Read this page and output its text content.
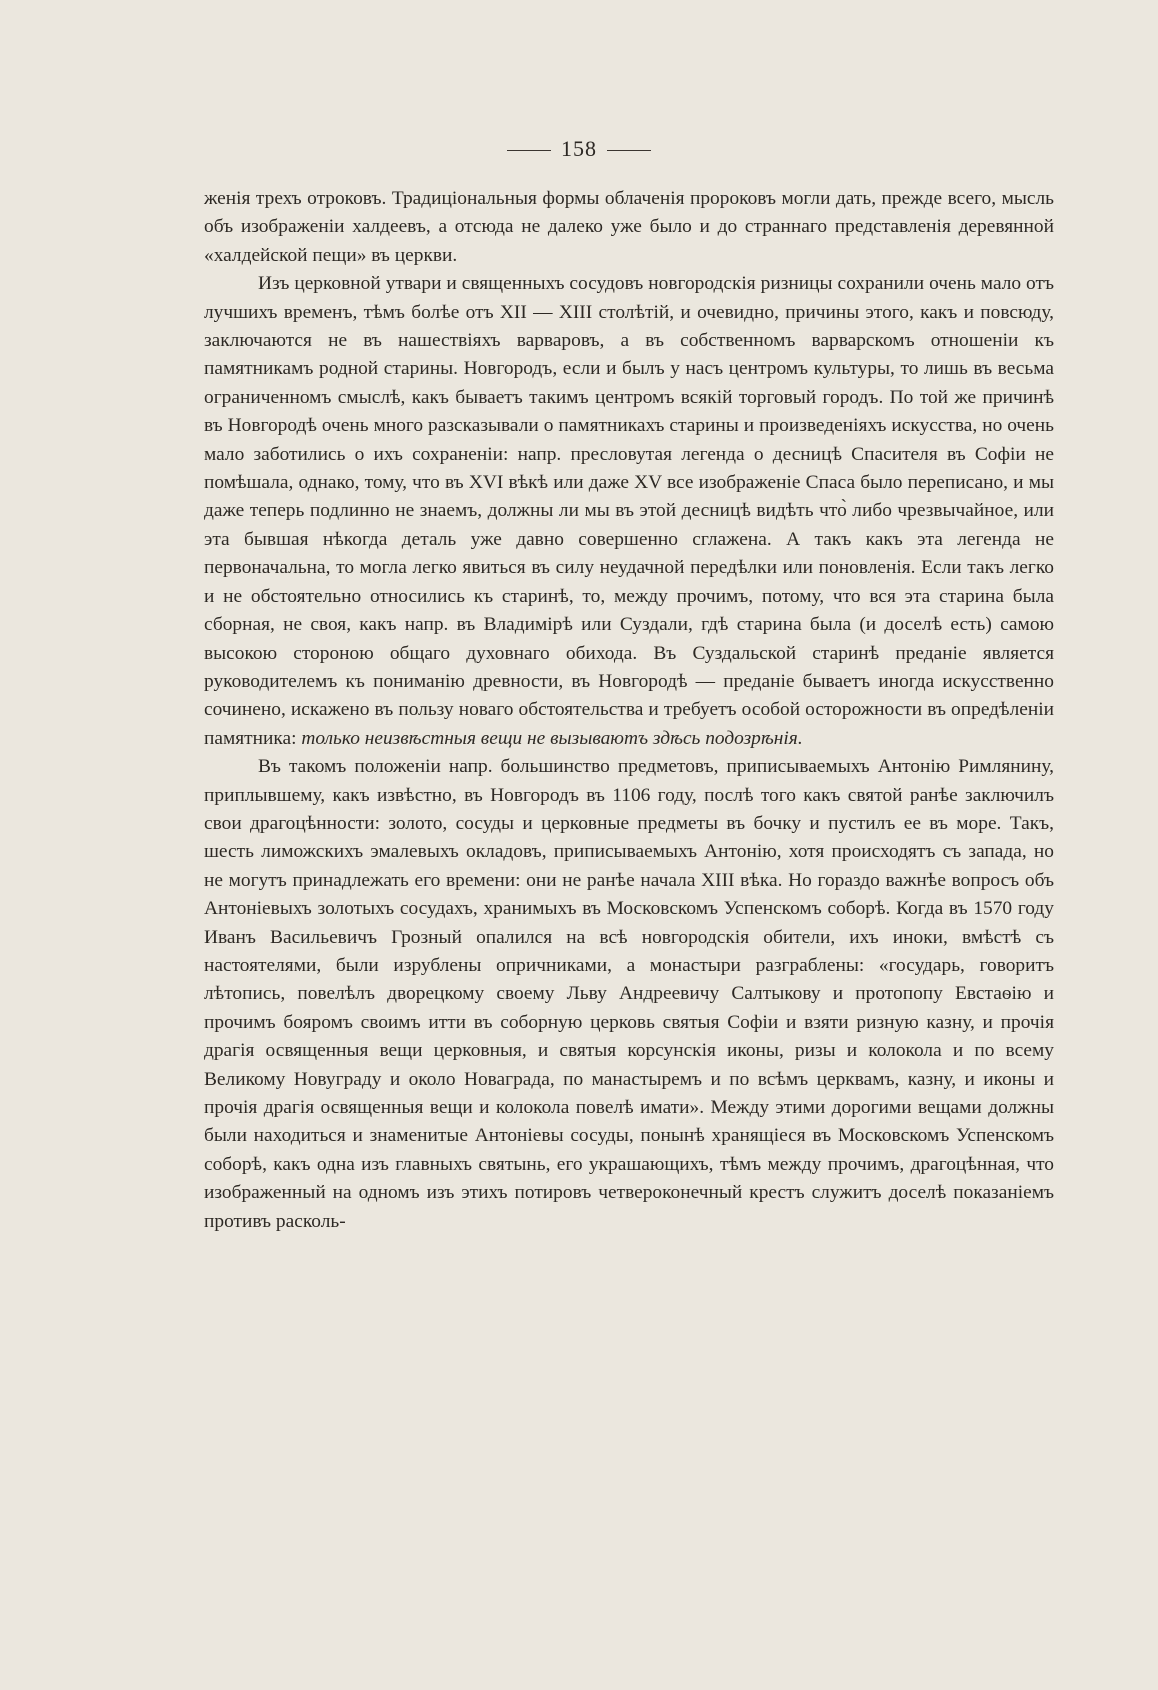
158

женія трехъ отроковъ. Традиціональныя формы облаченія пророковъ могли дать, прежде всего, мысль объ изображеніи халдеевъ, а отсюда не далеко уже было и до страннаго представленія деревянной «халдейской пещи» въ церкви.

Изъ церковной утвари и священныхъ сосудовъ новгородскія ризницы сохранили очень мало отъ лучшихъ временъ, тѣмъ болѣе отъ XII — XIII столѣтій, и очевидно, причины этого, какъ и повсюду, заключаются не въ нашествіяхъ варваровъ, а въ собственномъ варварскомъ отношеніи къ памятникамъ родной старины. Новгородъ, если и былъ у насъ центромъ культуры, то лишь въ весьма ограниченномъ смыслѣ, какъ бываетъ такимъ центромъ всякій торговый городъ. По той же причинѣ въ Новгородѣ очень много разсказывали о памятникахъ старины и произведеніяхъ искусства, но очень мало заботились о ихъ сохраненіи: напр. пресловутая легенда о десницѣ Спасителя въ Софіи не помѣшала, однако, тому, что въ XVI вѣкѣ или даже XV все изображеніе Спаса было переписано, и мы даже теперь подлинно не знаемъ, должны ли мы въ этой десницѣ видѣть что̀ либо чрезвычайное, или эта бывшая нѣкогда деталь уже давно совершенно сглажена. А такъ какъ эта легенда не первоначальна, то могла легко явиться въ силу неудачной передѣлки или поновленія. Если такъ легко и не обстоятельно относились къ старинѣ, то, между прочимъ, потому, что вся эта старина была сборная, не своя, какъ напр. въ Владимірѣ или Суздали, гдѣ старина была (и доселѣ есть) самою высокою стороною общаго духовнаго обихода. Въ Суздальской старинѣ преданіе является руководителемъ къ пониманію древности, въ Новгородѣ — преданіе бываетъ иногда искусственно сочинено, искажено въ пользу новаго обстоятельства и требуетъ особой осторожности въ опредѣленіи памятника: только неизвѣстныя вещи не вызываютъ здѣсь подозрѣнія.

Въ такомъ положеніи напр. большинство предметовъ, приписываемыхъ Антонію Римлянину, приплывшему, какъ извѣстно, въ Новгородъ въ 1106 году, послѣ того какъ святой ранѣе заключилъ свои драгоцѣнности: золото, сосуды и церковные предметы въ бочку и пустилъ ее въ море. Такъ, шесть лиможскихъ эмалевыхъ окладовъ, приписываемыхъ Антонію, хотя происходятъ съ запада, но не могутъ принадлежать его времени: они не ранѣе начала XIII вѣка. Но гораздо важнѣе вопросъ объ Антоніевыхъ золотыхъ сосудахъ, хранимыхъ въ Московскомъ Успенскомъ соборѣ. Когда въ 1570 году Иванъ Васильевичъ Грозный опалился на всѣ новгородскія обители, ихъ иноки, вмѣстѣ съ настоятелями, были изрублены опричниками, а монастыри разграблены: «государь, говоритъ лѣтопись, повелѣлъ дворецкому своему Льву Андреевичу Салтыкову и протопопу Евстаѳію и прочимъ бояромъ своимъ итти въ соборную церковь святыя Софіи и взяти ризную казну, и прочія драгія освященныя вещи церковныя, и святыя корсунскія иконы, ризы и колокола и по всему Великому Новуграду и около Новаграда, по манастыремъ и по всѣмъ церквамъ, казну, и иконы и прочія драгія освященныя вещи и колокола повелѣ имати». Между этими дорогими вещами должны были находиться и знаменитые Антоніевы сосуды, понынѣ хранящіеся въ Московскомъ Успенскомъ соборѣ, какъ одна изъ главныхъ святынь, его украшающихъ, тѣмъ между прочимъ, драгоцѣнная, что изображенный на одномъ изъ этихъ потировъ четвероконечный крестъ служитъ доселѣ показаніемъ противъ расколь-
